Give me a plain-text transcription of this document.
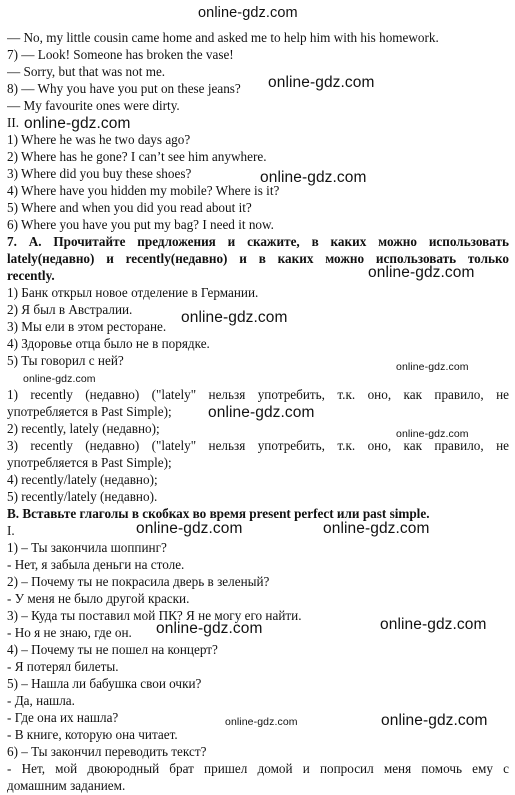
— No, my little cousin came home and asked me to help him with his homework.
7) — Look! Someone has broken the vase!
— Sorry, but that was not me.
8) — Why you have you put on these jeans?
— My favourite ones were dirty.
II.
1) Where he was he two days ago?
2) Where has he gone? I can’t see him anywhere.
3) Where did you buy these shoes?
4) Where have you hidden my mobile? Where is it?
5) Where and when you did you read about it?
6) Where you have you put my bag? I need it now.
7. А. Прочитайте предложения и скажите, в каких можно использовать
lately(недавно) и recently(недавно) и в каких можно использовать только
recently.
1) Банк открыл новое отделение в Германии.
2) Я был в Австралии.
3) Мы ели в этом ресторане.
4) Здоровье отца было не в порядке.
5) Ты говорил с ней?
1) recently (недавно) ("lately" нельзя употребить, т.к. оно, как правило, не
употребляется в Past Simple);
2) recently, lately (недавно);
3) recently (недавно) ("lately" нельзя употребить, т.к. оно, как правило, не
употребляется в Past Simple);
4) recently/lately (недавно);
5) recently/lately (недавно).
В. Вставьте глаголы в скобках во время present perfect или past simple.
I.
1) – Ты закончила шоппинг?
- Нет, я забыла деньги на столе.
2) – Почему ты не покрасила дверь в зеленый?
- У меня не было другой краски.
3) – Куда ты поставил мой ПК? Я не могу его найти.
- Но я не знаю, где он.
4) – Почему ты не пошел на концерт?
- Я потерял билеты.
5) – Нашла ли бабушка свои очки?
- Да, нашла.
- Где она их нашла?
- В книге, которую она читает.
6) – Ты закончил переводить текст?
- Нет, мой двоюродный брат пришел домой и попросил меня помочь ему с
домашним заданием.
online-gdz.com
online-gdz.com
online-gdz.com
online-gdz.com
online-gdz.com
online-gdz.com
online-gdz.com
online-gdz.com
online-gdz.com
online-gdz.com
online-gdz.com	online-gdz.com
online-gdz.com
online-gdz.com
online-gdz.com	online-gdz.com
